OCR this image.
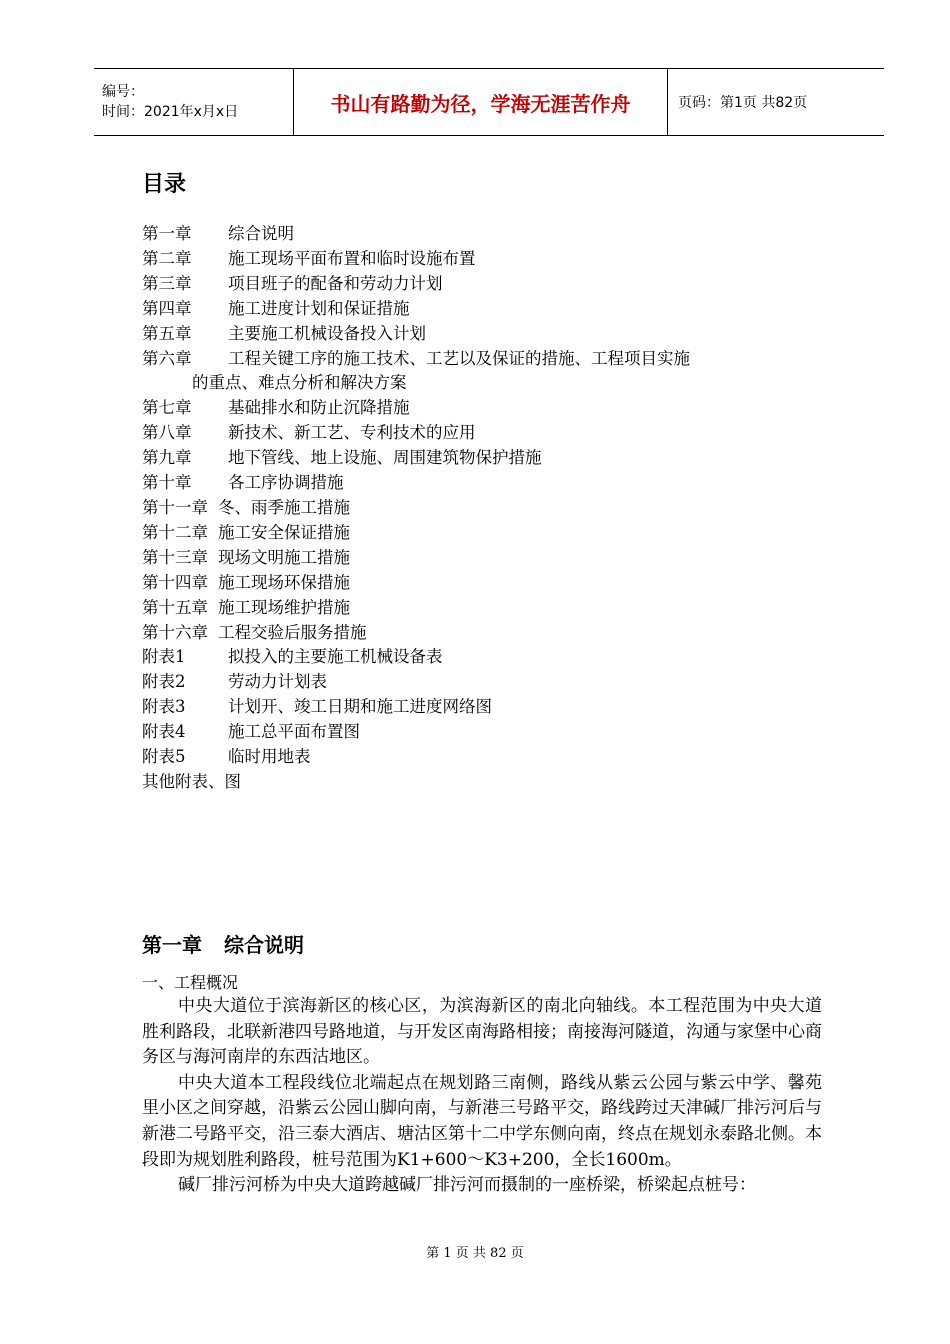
编号：
时间：2021年x月x日	书山有路勤为径，学海无涯苦作舟	页码：第1页 共82页
目录
第一章 综合说明
第二章 施工现场平面布置和临时设施布置
第三章 项目班子的配备和劳动力计划
第四章 施工进度计划和保证措施
第五章 主要施工机械设备投入计划
第六章 工程关键工序的施工技术、工艺以及保证的措施、工程项目实施
的重点、难点分析和解决方案
第七章 基础排水和防止沉降措施
第八章 新技术、新工艺、专利技术的应用
第九章 地下管线、地上设施、周围建筑物保护措施
第十章 各工序协调措施
第十一章 冬、雨季施工措施
第十二章 施工安全保证措施
第十三章 现场文明施工措施
第十四章 施工现场环保措施
第十五章 施工现场维护措施
第十六章 工程交验后服务措施
附表1	拟投入的主要施工机械设备表
附表2	劳动力计划表
附表3	计划开、竣工日期和施工进度网络图
附表4	施工总平面布置图
附表5	临时用地表
其他附表、图
第一章 综合说明
一、工程概况

中央大道位于滨海新区的核心区，为滨海新区的南北向轴线。本工程范围为中央大道胜利路段，北联新港四号路地道，与开发区南海路相接；南接海河隧道，沟通与家堡中心商务区与海河南岸的东西沽地区。

中央大道本工程段线位北端起点在规划路三南侧，路线从紫云公园与紫云中学、馨苑里小区之间穿越，沿紫云公园山脚向南，与新港三号路平交，路线跨过天津碱厂排污河后与新港二号路平交，沿三泰大酒店、塘沽区第十二中学东侧向南，终点在规划永泰路北侧。本段即为规划胜利路段，桩号范围为K1+600～K3+200，全长1600m。

碱厂排污河桥为中央大道跨越碱厂排污河而摄制的一座桥梁，桥梁起点桩号：

第 1 页 共 82 页
